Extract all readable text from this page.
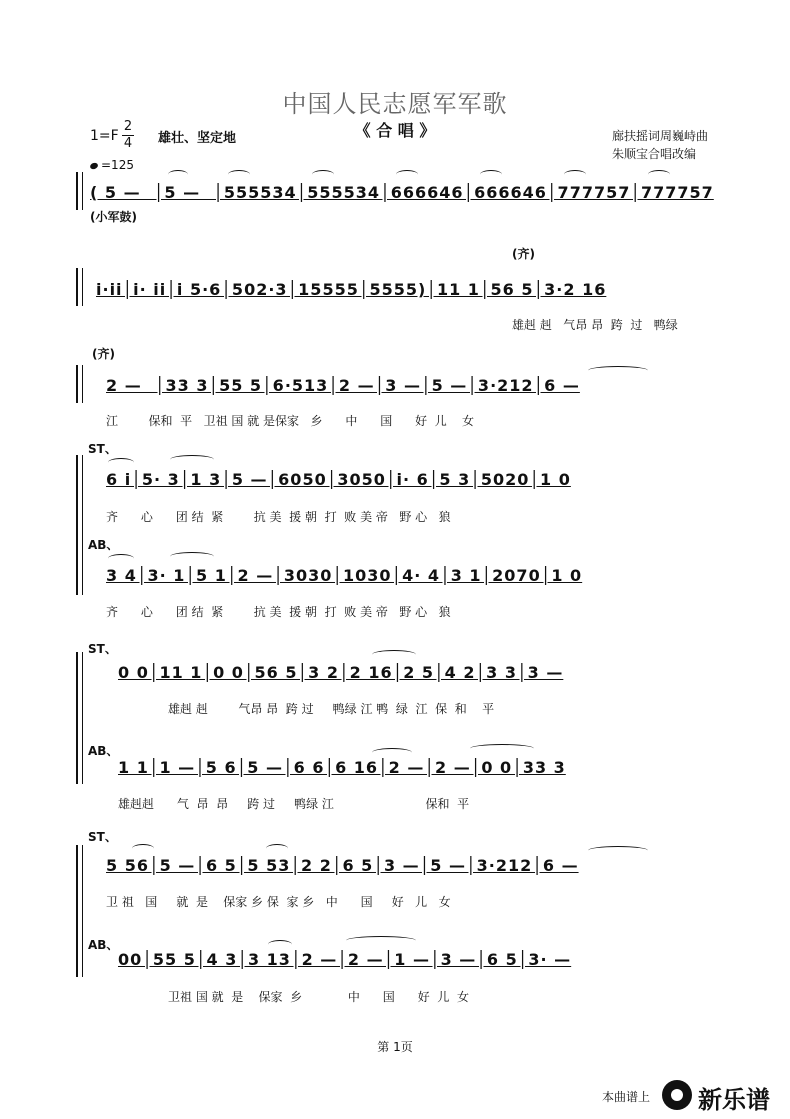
中国人民志愿军军歌
《 合 唱 》
1=F
2
4 雄壮、坚定地	廊扶摇词周巍峙曲
朱顺宝合唱改编
=125
( 5 —  │5 —  │555534│555534│666646│666646│777757│777757
(小军鼓)
(齐)
i·ii│i· ii│i 5·6│502·3│15555│5555)│11 1│56 5│3·2 16
雄赳 赳   气昂 昂  跨  过   鸭绿
(齐)
2 —  │33 3│55 5│6·513│2 —│3 —│5 —│3·212│6 —
江        保和  平   卫祖 国 就 是保家   乡      中      国      好  儿    女
ST、
6 i│5· 3│1 3│5 —│6050│3050│i· 6│5 3│5020│1 0
齐      心      团 结  紧        抗 美  援 朝  打  败 美 帝   野 心   狼
AB、
3 4│3· 1│5 1│2 —│3030│1030│4· 4│3 1│2070│1 0
齐      心      团 结  紧        抗 美  援 朝  打  败 美 帝   野 心   狼
ST、
0 0│11 1│0 0│56 5│3 2│2 16│2 5│4 2│3 3│3 —
雄赳 赳        气昂 昂  跨 过     鸭绿 江 鸭  绿  江  保  和    平
AB、
1 1│1 —│5 6│5 —│6 6│6 16│2 —│2 —│0 0│33 3
雄赳赳      气  昂  昂     跨 过     鸭绿 江                        保和  平
ST、
5 56│5 —│6 5│5 53│2 2│6 5│3 —│5 —│3·212│6 —
卫 祖   国     就  是    保家 乡 保  家 乡   中      国     好   儿   女
AB、
00│55 5│4 3│3 13│2 —│2 —│1 —│3 —│6 5│3· —
卫祖 国 就  是    保家  乡            中      国      好  儿  女
第 1页
本曲谱上 新乐谱
